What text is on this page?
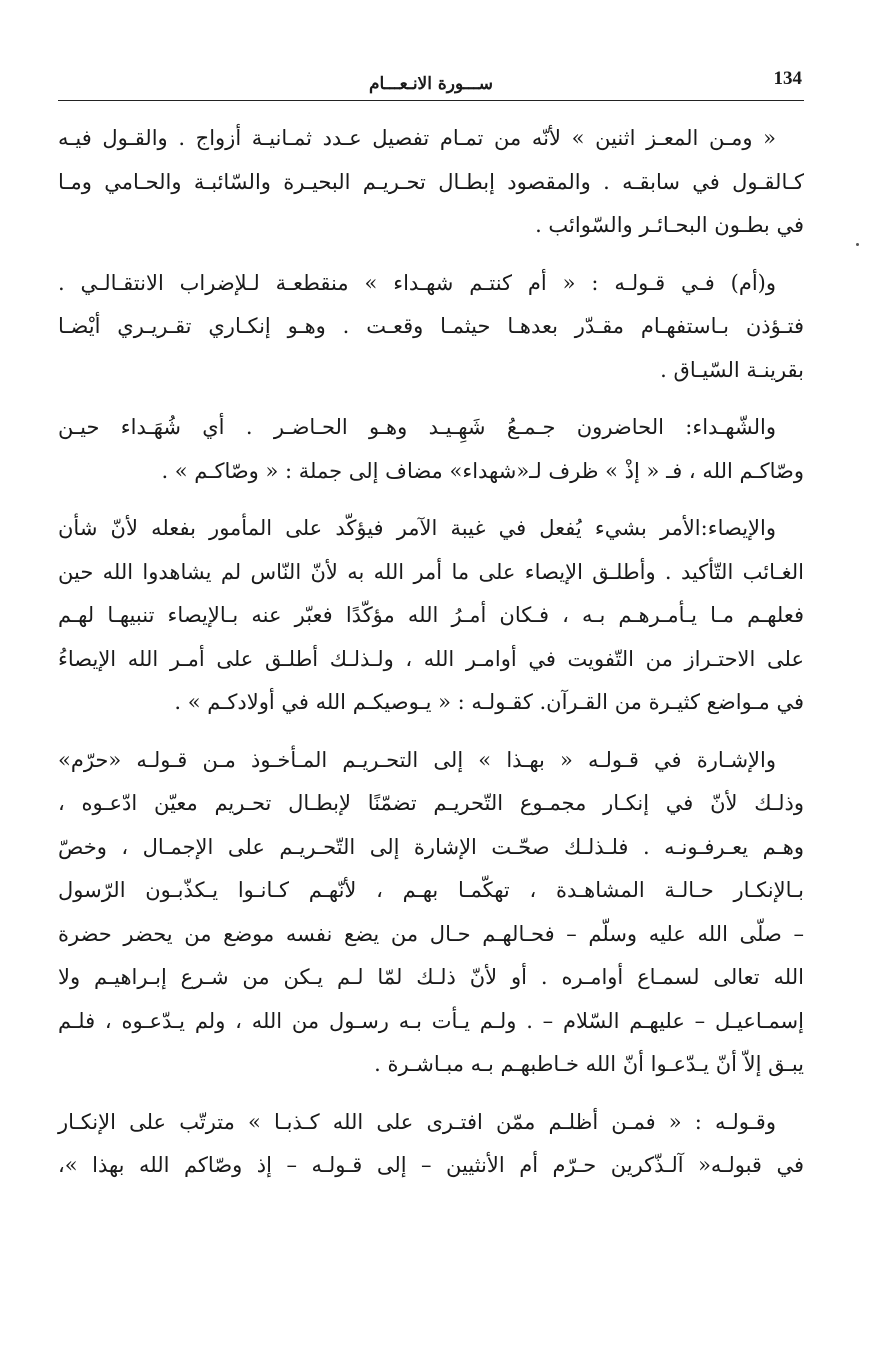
134
ســـورة الانـعـــام
« ومـن المعـز اثنين » لأنّه من تمـام تفصيل عـدد ثمـانيـة أزواج . والقـول فيـه
كـالقـول في سابقـه . والمقصود إبطـال تحـريـم البحيـرة والسّائبـة والحـامي ومـا
في بطـون البحـائـر والسّوائب .
و(أم) فـي قـولـه : « أم كنتـم شهـداء » منقطعـة لـلإضراب الانتقـالـي .
فتـؤذن بـاستفهـام مقـدّر بعدهـا حيثمـا وقعـت . وهـو إنكـاري تقـريـري أيْضـا
بقرينـة السّيـاق .
والشّهـداء: الحاضرون جـمـعُ شَهِـيـد وهـو الحـاضـر . أي شُهَـداء حيـن
وصّاكـم الله ، فـ « إذْ » ظرف لـ«شهداء» مضاف إلى جملة : « وصّاكـم » .
والإيصاء:الأمر بشيء يُفعل في غيبة الآمر فيؤكّد على المأمور بفعله لأنّ شأن
الغـائب التّأكيد . وأطلـق الإيصاء على ما أمر الله به لأنّ النّاس لم يشاهدوا الله حين
فعلهـم مـا يـأمـرهـم بـه ، فـكان أمـرُ الله مؤكّدًا فعبّر عنه بـالإيصاء تنبيهـا لهـم
على الاحتـراز من التّفويت في أوامـر الله ، ولـذلـك أطلـق على أمـر الله الإيصاءُ
في مـواضع كثيـرة من القـرآن. كقـولـه : « يـوصيكـم الله في أولادكـم » .
والإشـارة في قـولـه « بهـذا » إلى التحـريـم المـأخـوذ مـن قـولـه «حرّم»
وذلـك لأنّ في إنكـار مجمـوع التّحريـم تضمّنًا لإبطـال تحـريم معيّن ادّعـوه ،
وهـم يعـرفـونـه . فلـذلـك صحّـت الإشارة إلى التّحـريـم على الإجمـال ، وخصّ
بـالإنكـار حـالـة المشاهـدة ، تهكّمـا بهـم ، لأنّهـم كـانـوا يـكذّبـون الرّسول
– صلّى الله عليه وسلّم – فحـالهـم حـال من يضع نفسه موضع من يحضر حضرة
الله تعالى لسمـاع أوامـره . أو لأنّ ذلـك لمّا لـم يـكن من شـرع إبـراهيـم ولا
إسمـاعيـل – عليهـم السّلام – . ولـم يـأت بـه رسـول من الله ، ولم يـدّعـوه ، فلـم
يبـق إلاّ أنّ يـدّعـوا أنّ الله خـاطبهـم بـه مبـاشـرة .
وقـولـه : « فمـن أظلـم ممّن افتـرى على الله كـذبـا » مترتّب على الإنكـار
في قبولـه« آلـذّكرين حـرّم أم الأنثيين – إلى قـولـه – إذ وصّاكم الله بهذا »،
